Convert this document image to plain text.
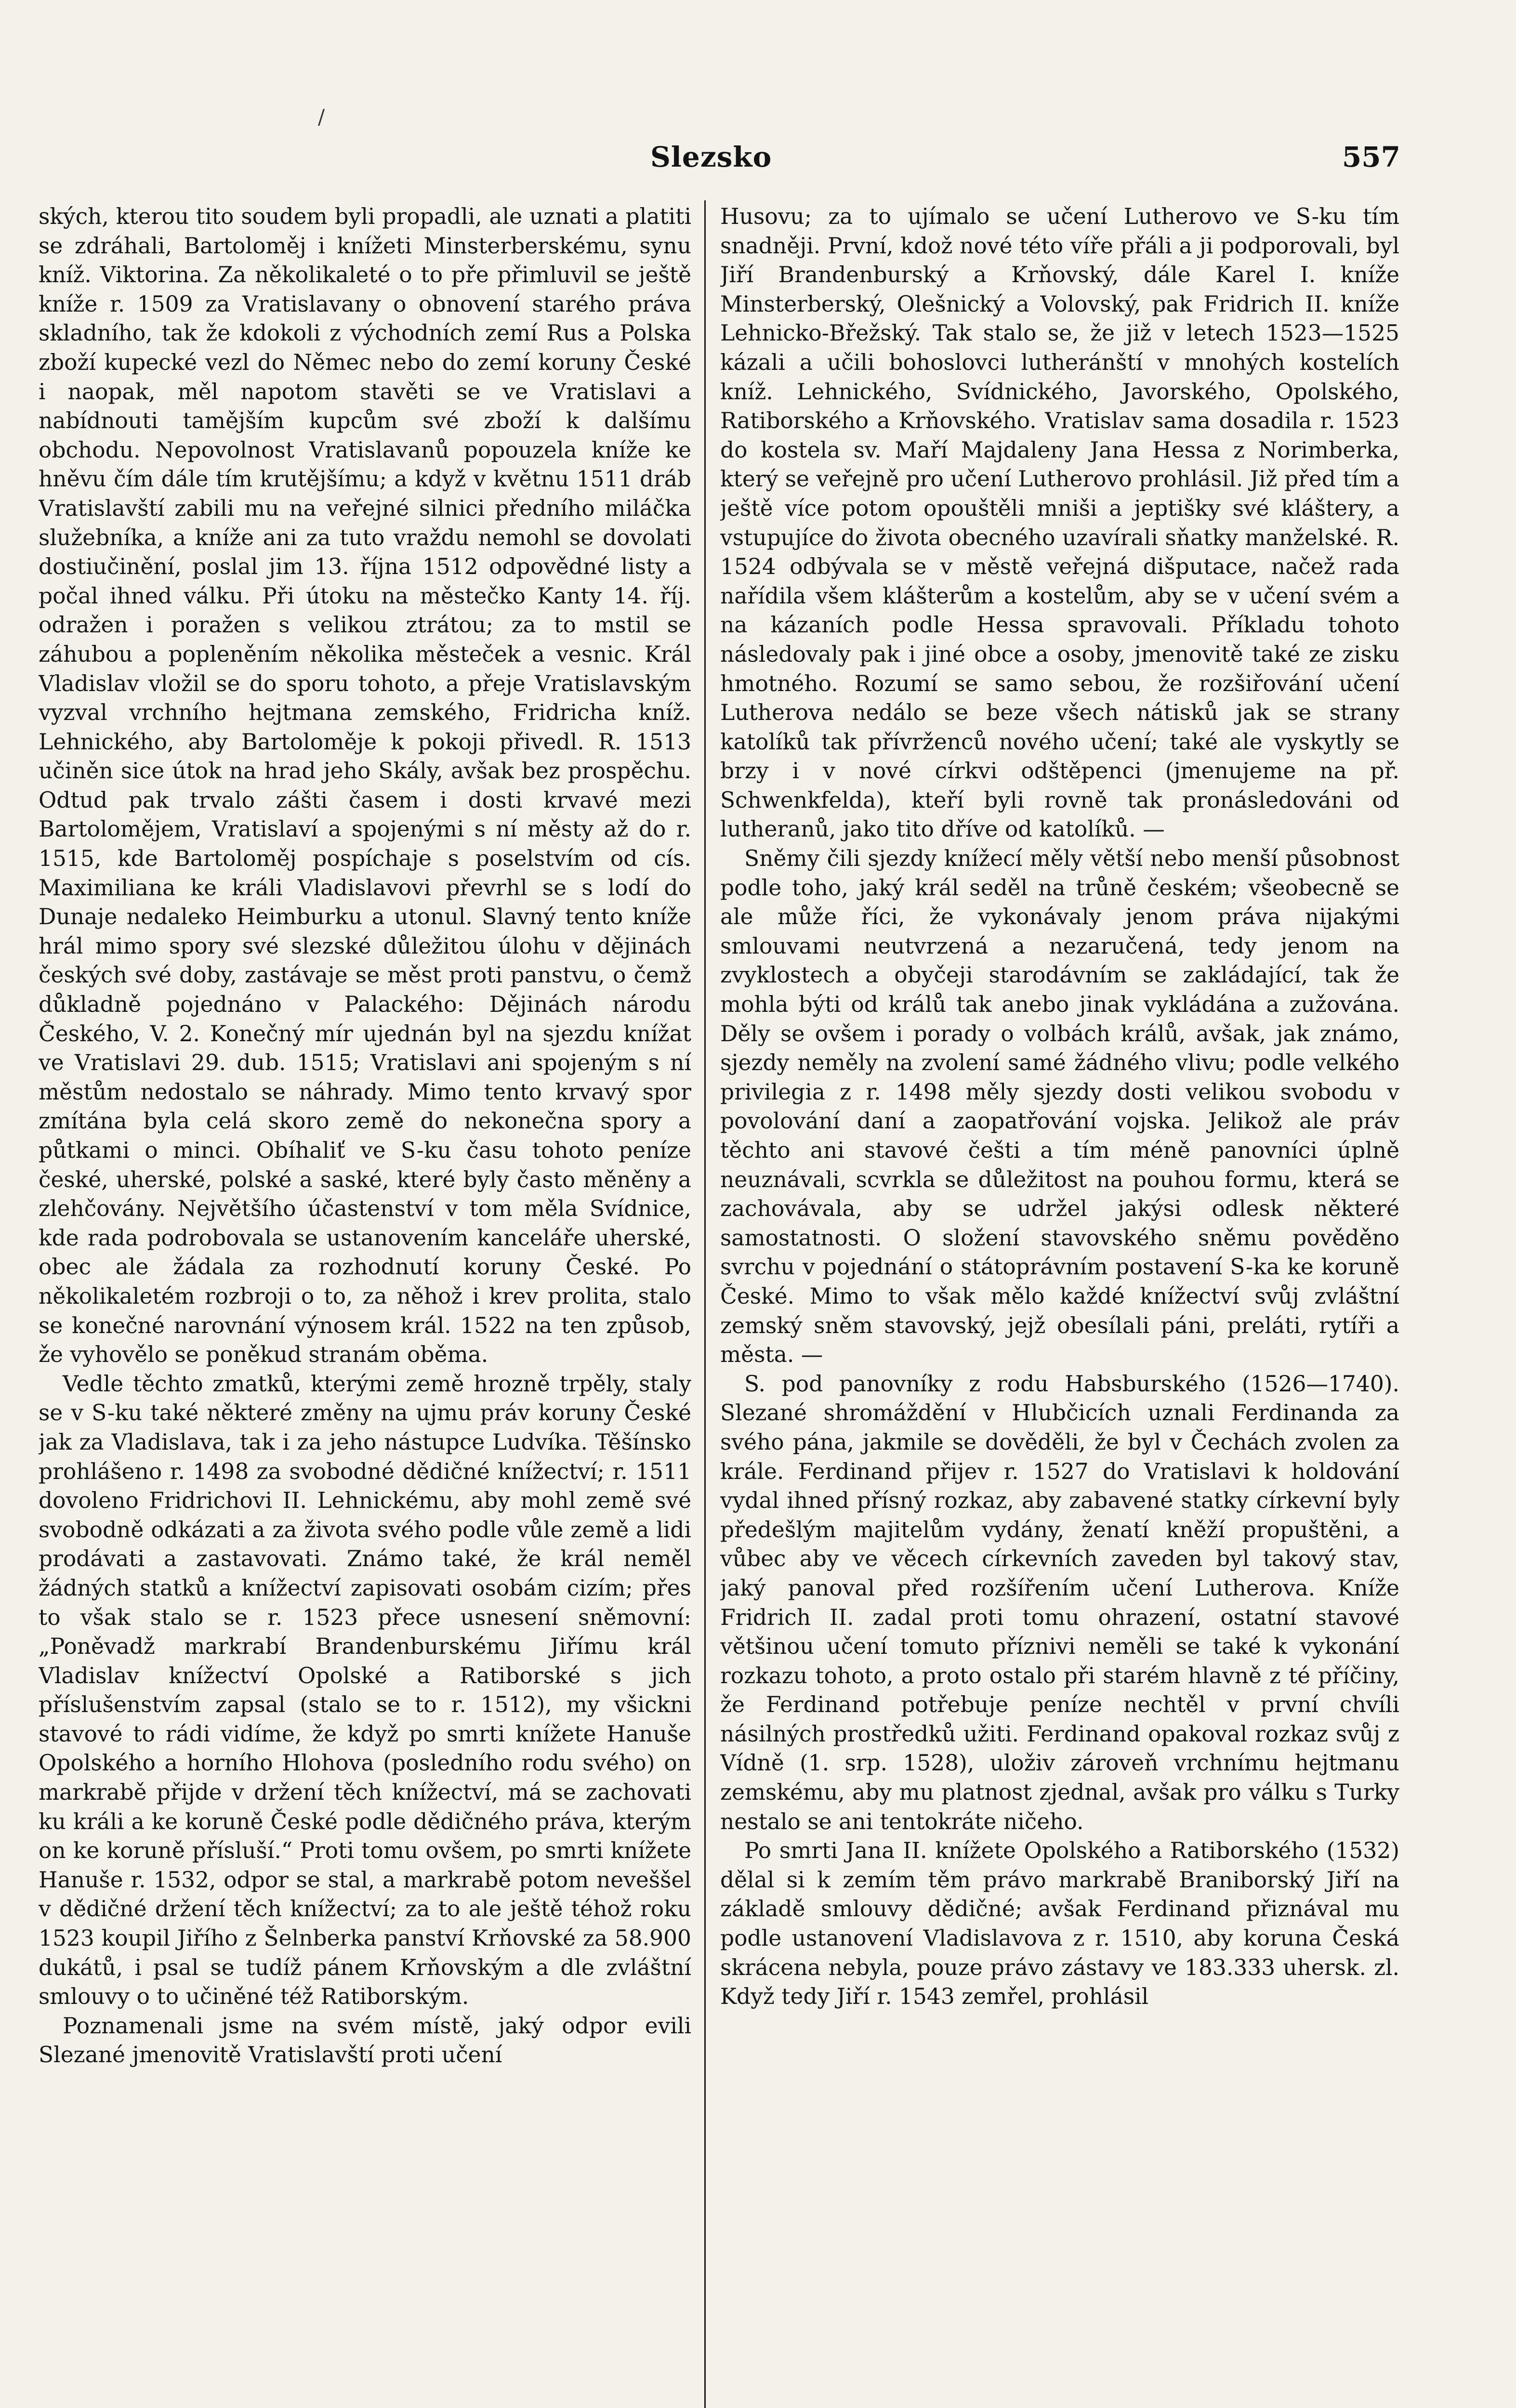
/
Slezsko	557

ských, kterou tito soudem byli propadli, ale uznati a platiti se zdráhali, Bartoloměj i knížeti Minsterberskému, synu kníž. Viktorina. Za několikaleté o to pře přimluvil se ještě kníže r. 1509 za Vratislavany o obnovení starého práva skladního, tak že kdokoli z východních zemí Rus a Polska zboží kupecké vezl do Němec nebo do zemí koruny České i naopak, měl napotom stavěti se ve Vratislavi a nabídnouti tamějším kupcům své zboží k dalšímu obchodu. Nepovolnost Vratislavanů popouzela kníže ke hněvu čím dále tím krutějšímu; a když v květnu 1511 dráb Vratislavští zabili mu na veřejné silnici předního miláčka služebníka, a kníže ani za tuto vraždu nemohl se dovolati dostiučinění, poslal jim 13. října 1512 odpovědné listy a počal ihned válku. Při útoku na městečko Kanty 14. říj. odražen i poražen s velikou ztrátou; za to mstil se záhubou a popleněním několika městeček a vesnic. Král Vladislav vložil se do sporu tohoto, a přeje Vratislavským vyzval vrchního hejtmana zemského, Fridricha kníž. Lehnického, aby Bartoloměje k pokoji přivedl. R. 1513 učiněn sice útok na hrad jeho Skály, avšak bez prospěchu. Odtud pak trvalo zášti časem i dosti krvavé mezi Bartolomějem, Vratislaví a spojenými s ní městy až do r. 1515, kde Bartoloměj pospíchaje s poselstvím od cís. Maximiliana ke králi Vladislavovi převrhl se s lodí do Dunaje nedaleko Heimburku a utonul. Slavný tento kníže hrál mimo spory své slezské důležitou úlohu v dějinách českých své doby, zastávaje se měst proti panstvu, o čemž důkladně pojednáno v Palackého: Dějinách národu Českého, V. 2. Konečný mír ujednán byl na sjezdu knížat ve Vratislavi 29. dub. 1515; Vratislavi ani spojeným s ní městům nedostalo se náhrady. Mimo tento krvavý spor zmítána byla celá skoro země do nekonečna spory a půtkami o minci. Obíhaliť ve S-ku času tohoto peníze české, uherské, polské a saské, které byly často měněny a zlehčovány. Největšího účastenství v tom měla Svídnice, kde rada podrobovala se ustanovením kanceláře uherské, obec ale žádala za rozhodnutí koruny České. Po několikaletém rozbroji o to, za něhož i krev prolita, stalo se konečné narovnání výnosem král. 1522 na ten způsob, že vyhovělo se poněkud stranám oběma.

Vedle těchto zmatků, kterými země hrozně trpěly, staly se v S-ku také některé změny na ujmu práv koruny České jak za Vladislava, tak i za jeho nástupce Ludvíka. Těšínsko prohlášeno r. 1498 za svobodné dědičné knížectví; r. 1511 dovoleno Fridrichovi II. Lehnickému, aby mohl země své svobodně odkázati a za života svého podle vůle země a lidi prodávati a zastavovati. Známo také, že král neměl žádných statků a knížectví zapisovati osobám cizím; přes to však stalo se r. 1523 přece usnesení sněmovní: „Poněvadž markrabí Brandenburskému Jiřímu král Vladislav knížectví Opolské a Ratiborské s jich příslušenstvím zapsal (stalo se to r. 1512), my všickni stavové to rádi vidíme, že když po smrti knížete Hanuše Opolského a horního Hlohova (posledního rodu svého) on markrabě přijde v držení těch knížectví, má se zachovati ku králi a ke koruně České podle dědičného práva, kterým on ke koruně přísluší.“ Proti tomu ovšem, po smrti knížete Hanuše r. 1532, odpor se stal, a markrabě potom neveššel v dědičné držení těch knížectví; za to ale ještě téhož roku 1523 koupil Jiřího z Šelnberka panství Krňovské za 58.900 dukátů, i psal se tudíž pánem Krňovským a dle zvláštní smlouvy o to učiněné též Ratiborským.

Poznamenali jsme na svém místě, jaký odpor evili Slezané jmenovitě Vratislavští proti učení

Husovu; za to ujímalo se učení Lutherovo ve S-ku tím snadněji. První, kdož nové této víře přáli a ji podporovali, byl Jiří Brandenburský a Krňovský, dále Karel I. kníže Minsterberský, Olešnický a Volovský, pak Fridrich II. kníže Lehnicko-Břežský. Tak stalo se, že již v letech 1523—1525 kázali a učili bohoslovci lutheránští v mnohých kostelích kníž. Lehnického, Svídnického, Javorského, Opolského, Ratiborského a Krňovského. Vratislav sama dosadila r. 1523 do kostela sv. Maří Majdaleny Jana Hessa z Norimberka, který se veřejně pro učení Lutherovo prohlásil. Již před tím a ještě více potom opouštěli mniši a jeptišky své kláštery, a vstupujíce do života obecného uzavírali sňatky manželské. R. 1524 odbývala se v městě veřejná dišputace, načež rada nařídila všem klášterům a kostelům, aby se v učení svém a na kázaních podle Hessa spravovali. Příkladu tohoto následovaly pak i jiné obce a osoby, jmenovitě také ze zisku hmotného. Rozumí se samo sebou, že rozšiřování učení Lutherova nedálo se beze všech nátisků jak se strany katolíků tak přívrženců nového učení; také ale vyskytly se brzy i v nové církvi odštěpenci (jmenujeme na př. Schwenkfelda), kteří byli rovně tak pronásledováni od lutheranů, jako tito dříve od katolíků. —

Sněmy čili sjezdy knížecí měly větší nebo menší působnost podle toho, jaký král seděl na trůně českém; všeobecně se ale může říci, že vykonávaly jenom práva nijakými smlouvami neutvrzená a nezaručená, tedy jenom na zvyklostech a obyčeji starodávním se zakládající, tak že mohla býti od králů tak anebo jinak vykládána a zužována. Děly se ovšem i porady o volbách králů, avšak, jak známo, sjezdy neměly na zvolení samé žádného vlivu; podle velkého privilegia z r. 1498 měly sjezdy dosti velikou svobodu v povolování daní a zaopatřování vojska. Jelikož ale práv těchto ani stavové češti a tím méně panovníci úplně neuznávali, scvrkla se důležitost na pouhou formu, která se zachovávala, aby se udržel jakýsi odlesk některé samostatnosti. O složení stavovského sněmu pověděno svrchu v pojednání o státoprávním postavení S-ka ke koruně České. Mimo to však mělo každé knížectví svůj zvláštní zemský sněm stavovský, jejž obesílali páni, preláti, rytíři a města. —

S. pod panovníky z rodu Habsburského (1526—1740). Slezané shromáždění v Hlubčicích uznali Ferdinanda za svého pána, jakmile se dověděli, že byl v Čechách zvolen za krále. Ferdinand přijev r. 1527 do Vratislavi k holdování vydal ihned přísný rozkaz, aby zabavené statky církevní byly předešlým majitelům vydány, ženatí kněží propuštěni, a vůbec aby ve věcech církevních zaveden byl takový stav, jaký panoval před rozšířením učení Lutherova. Kníže Fridrich II. zadal proti tomu ohrazení, ostatní stavové většinou učení tomuto příznivi neměli se také k vykonání rozkazu tohoto, a proto ostalo při starém hlavně z té příčiny, že Ferdinand potřebuje peníze nechtěl v první chvíli násilných prostředků užiti. Ferdinand opakoval rozkaz svůj z Vídně (1. srp. 1528), uloživ zároveň vrchnímu hejtmanu zemskému, aby mu platnost zjednal, avšak pro válku s Turky nestalo se ani tentokráte ničeho.

Po smrti Jana II. knížete Opolského a Ratiborského (1532) dělal si k zemím těm právo markrabě Braniborský Jiří na základě smlouvy dědičné; avšak Ferdinand přiznával mu podle ustanovení Vladislavova z r. 1510, aby koruna Česká skrácena nebyla, pouze právo zástavy ve 183.333 uhersk. zl. Když tedy Jiří r. 1543 zemřel, prohlásil
